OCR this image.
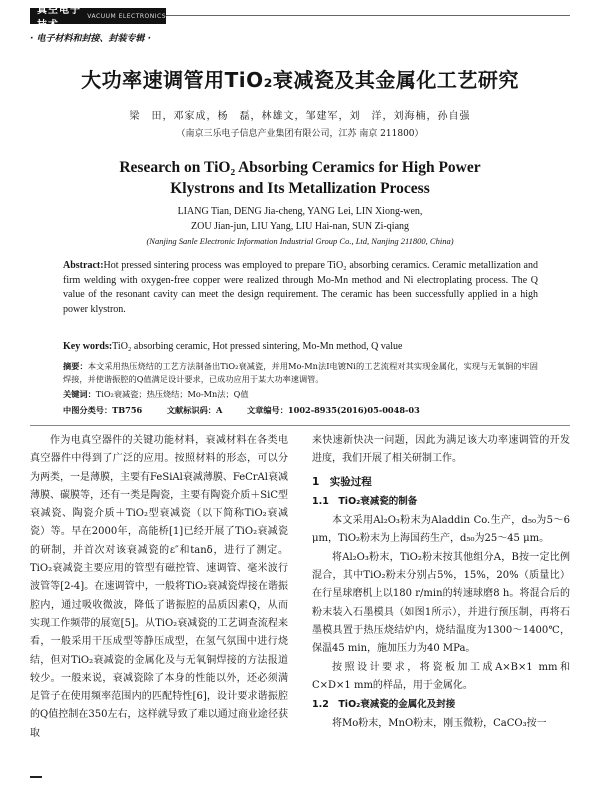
真空电子技术
VACUUM ELECTRONICS
· 电子材料和封接、封装专辑 ·
大功率速调管用TiO₂衰减瓷及其金属化工艺研究
梁　田，邓家成，杨　磊，林雄文，邹建军，刘　洋，刘海楠，孙自强
（南京三乐电子信息产业集团有限公司，江苏 南京 211800）
Research on TiO₂ Absorbing Ceramics for High Power
Klystrons and Its Metallization Process
LIANG Tian, DENG Jia-cheng, YANG Lei, LIN Xiong-wen,
ZOU Jian-jun, LIU Yang, LIU Hai-nan, SUN Zi-qiang
(Nanjing Sanle Electronic Information Industrial Group Co., Ltd, Nanjing 211800, China)
Abstract:Hot pressed sintering process was employed to prepare TiO₂ absorbing ceramics. Ceramic metallization and firm welding with oxygen-free copper were realized through Mo-Mn method and Ni electroplating process. The Q value of the resonant cavity can meet the design requirement. The ceramic has been successfully applied in a high power klystron.
Key words:TiO₂ absorbing ceramic, Hot pressed sintering, Mo-Mn method, Q value
摘要：本文采用热压烧结的工艺方法制备出TiO₂衰减瓷，并用Mo-Mn法Ⅰ电镀Ni的工艺流程对其实现金属化，实现与无氧铜的牢固焊接，并使谐振腔的Q值满足设计要求，已成功应用于某大功率速调管。
关键词：TiO₂衰减瓷；热压烧结；Mo-Mn法；Q值
中图分类号：TB756	文献标识码：A	文章编号：1002-8935(2016)05-0048-03

作为电真空器件的关键功能材料，衰减材料在各类电真空器件中得到了广泛的应用。按照材料的形态，可以分为两类，一是薄膜，主要有FeSiAl衰减薄膜、FeCrAl衰减薄膜、碳膜等，还有一类是陶瓷，主要有陶瓷介质＋SiC型衰减瓷、陶瓷介质＋TiO₂型衰减瓷（以下简称TiO₂衰减瓷）等。早在2000年，高能桥[1]已经开展了TiO₂衰减瓷的研制，并首次对该衰减瓷的ε″和tanδ，进行了测定。TiO₂衰减瓷主要应用的管型有磁控管、速调管、毫米波行波管等[2-4]。在速调管中，一般将TiO₂衰减瓷焊接在谐振腔内，通过吸收微波，降低了谐振腔的品质因素Q，从而实现工作频带的展宽[5]。从TiO₂衰减瓷的工艺调查流程来看，一般采用干压成型等静压成型，在氢气氛围中进行烧结，但对TiO₂衰减瓷的金属化及与无氧铜焊接的方法报道较少。一般来说，衰减瓷除了本身的性能以外，还必须满足管子在使用频率范围内的匹配特性[6]，设计要求谐振腔的Q值控制在350左右，这样就导致了难以通过商业途径获取

来快速新快决一问题，因此为满足该大功率速调管的开发进度，我们开展了相关研制工作。

1　实验过程
1.1　TiO₂衰减瓷的制备

本文采用Al₂O₃粉末为Aladdin Co.生产，d₅₀为5～6 μm，TiO₂粉末为上海国药生产，d₅₀为25～45 μm。

将Al₂O₃粉末，TiO₂粉末按其他组分A，B按一定比例混合，其中TiO₂粉末分别占5%，15%，20%（质量比）在行星球磨机上以180 r/min的转速球磨8 h。将混合后的粉末装入石墨模具（如图1所示），并进行预压制，再将石墨模具置于热压烧结炉内，烧结温度为1300～1400℃，保温45 min，施加压力为40 MPa。

按照设计要求，将瓷板加工成A×B×1 mm和C×D×1 mm的样品，用于金属化。

1.2　TiO₂衰减瓷的金属化及封接

将Mo粉末，MnO粉末，刚玉微粉，CaCO₃按一
